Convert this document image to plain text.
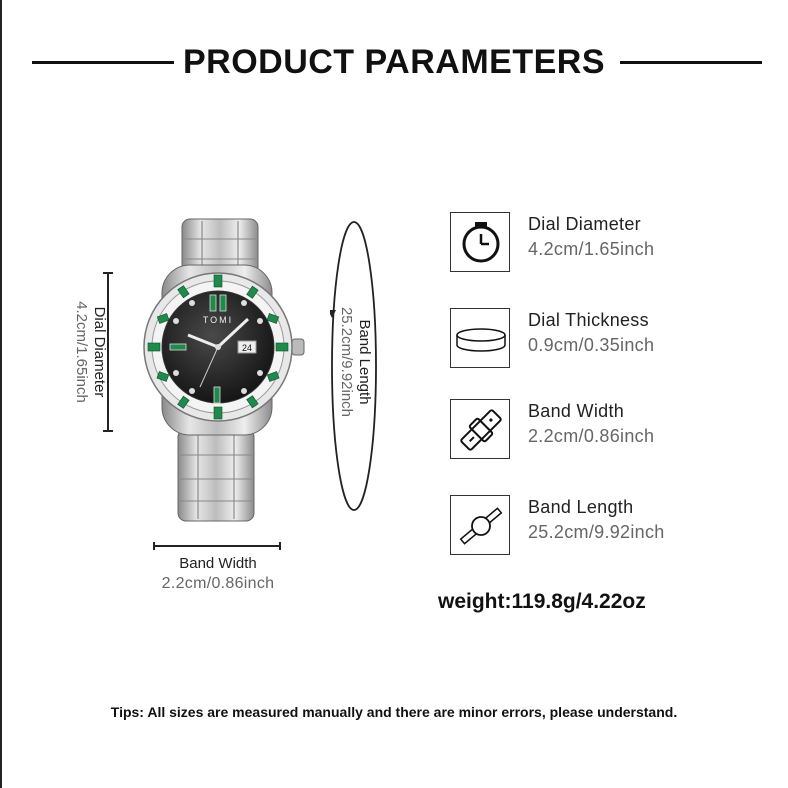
PRODUCT PARAMETERS
24
TOMI
Dial Diameter
4.2cm/1.65inch	Band Length
25.2cm/9.92inch
Band Width
2.2cm/0.86inch
Dial Diameter
4.2cm/1.65inch
Dial Thickness
0.9cm/0.35inch
Band Width
2.2cm/0.86inch
Band Length
25.2cm/9.92inch
weight:119.8g/4.22oz
Tips: All sizes are measured manually and there are minor errors, please understand.
